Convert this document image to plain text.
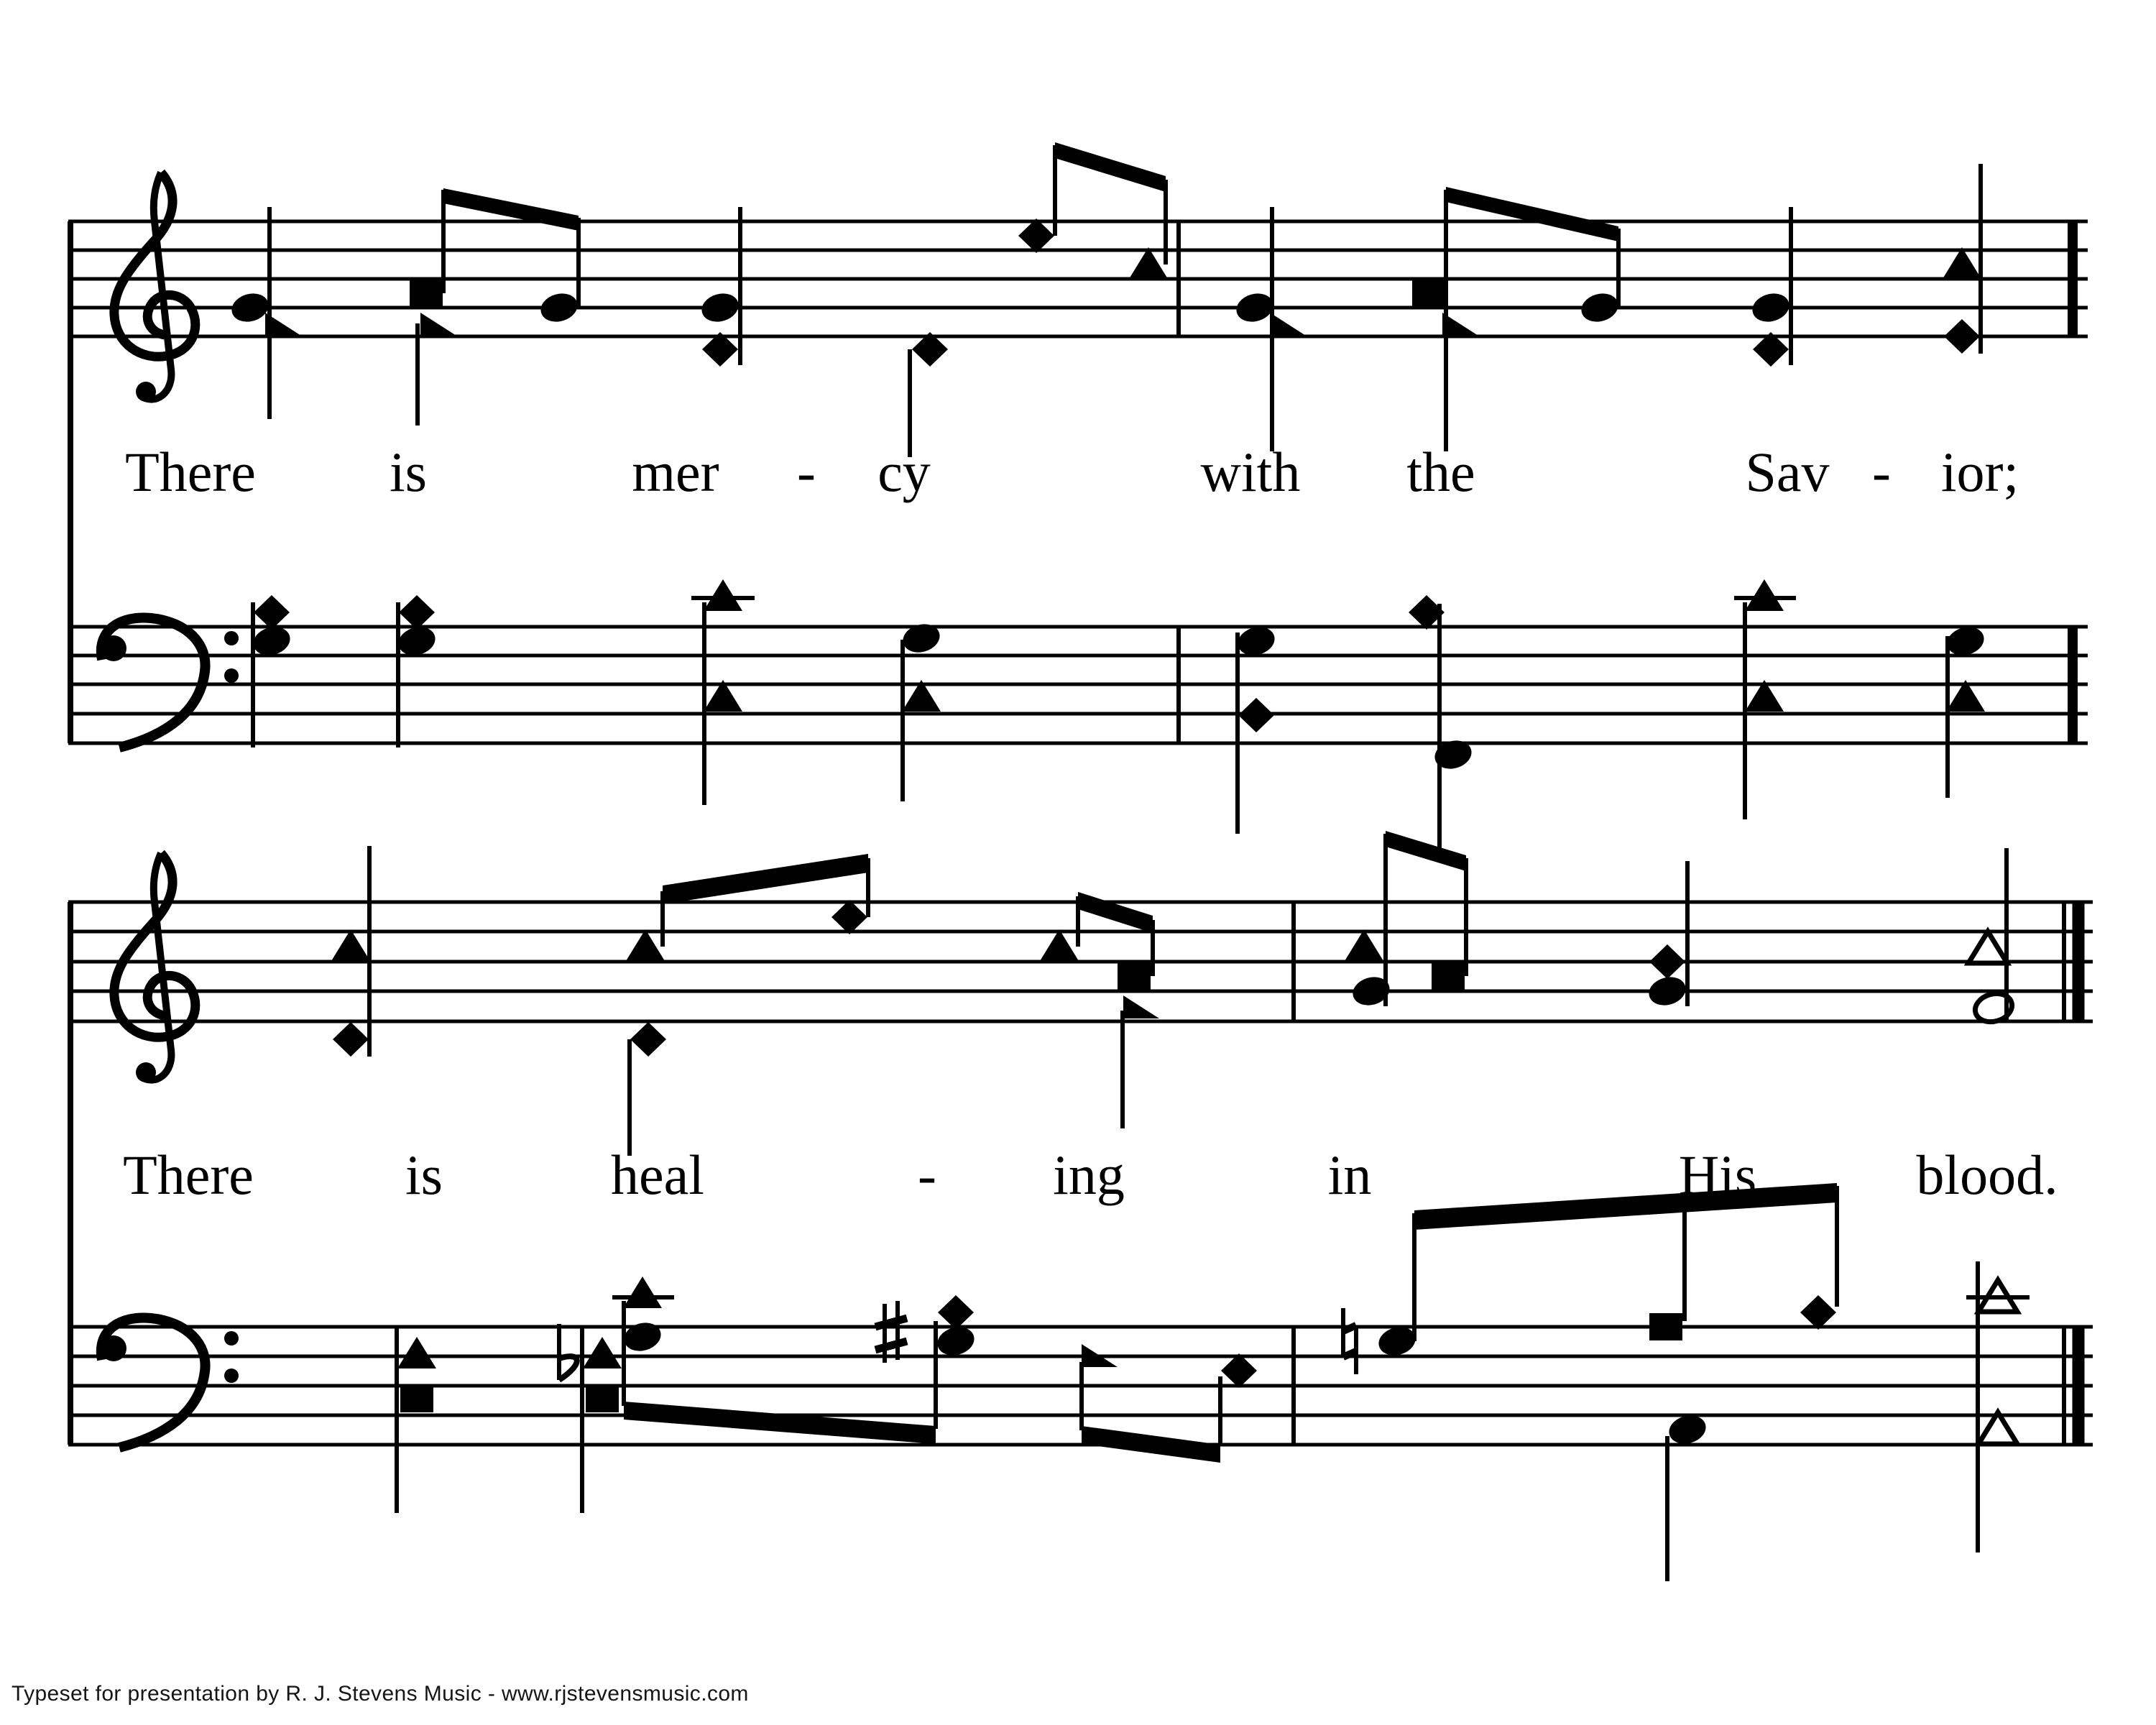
Typeset for presentation by R. J. Stevens Music - www.rjstevensmusic.com
There is	mer - cy	with the	Sav - ior;
There	is	heal	- ing	in	His	blood.
